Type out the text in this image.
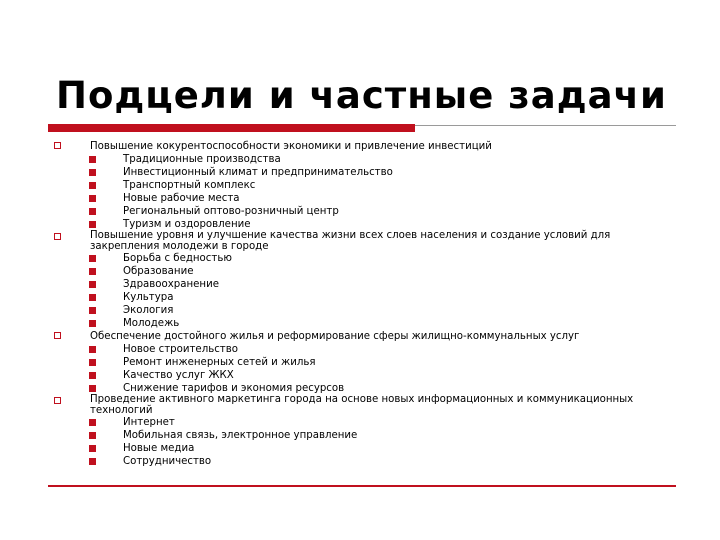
Подцели и частные задачи
Повышение кокурентоспособности экономики и привлечение инвестиций
Традиционные производства
Инвестиционный климат и предпринимательство
Транспортный комплекс
Новые рабочие места
Региональный оптово-розничный центр
Туризм и оздоровление
Повышение уровня и улучшение качества жизни всех слоев населения и создание условий для закрепления молодежи в городе
Борьба с бедностью
Образование
Здравоохранение
Культура
Экология
Молодежь
Обеспечение достойного жилья и реформирование сферы жилищно-коммунальных услуг
Новое строительство
Ремонт инженерных сетей и жилья
Качество услуг ЖКХ
Снижение тарифов и экономия ресурсов
Проведение активного маркетинга города на основе новых информационных и коммуникационных технологий
Интернет
Мобильная связь, электронное управление
Новые медиа
Сотрудничество
